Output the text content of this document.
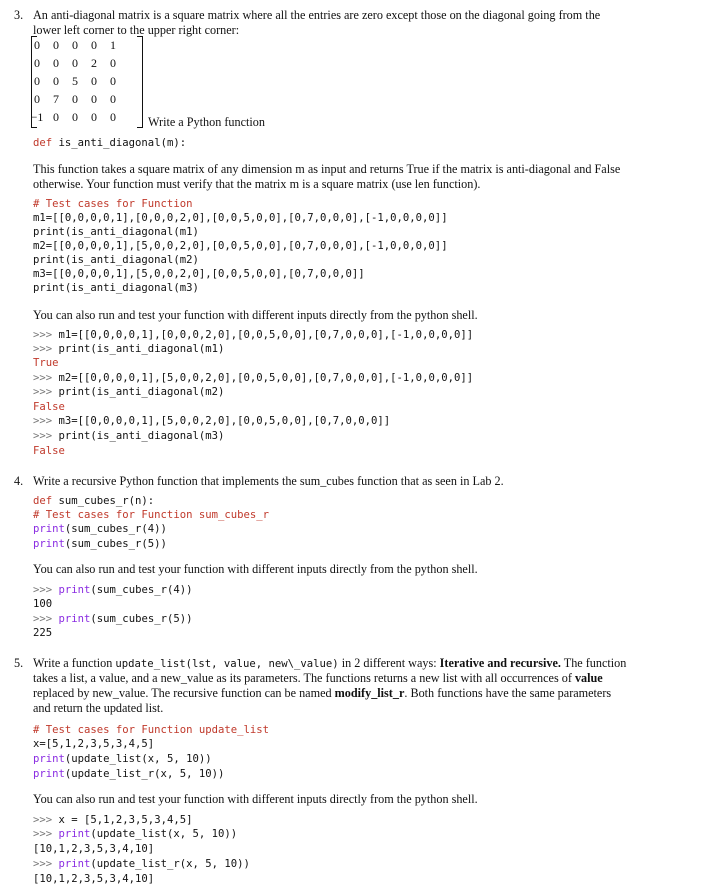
3. An anti-diagonal matrix is a square matrix where all the entries are zero except those on the diagonal going from the
lower left corner to the upper right corner:
0	0	0	0	1
0	0	0	2	0
0	0	5	0	0
0	7	0	0	0
−1 0	0	0	0	Write a Python function
def is_anti_diagonal(m):
This function takes a square matrix of any dimension m as input and returns True if the matrix is anti-diagonal and False
otherwise. Your function must verify that the matrix m is a square matrix (use len function).
# Test cases for Function
m1=[[0,0,0,0,1],[0,0,0,2,0],[0,0,5,0,0],[0,7,0,0,0],[-1,0,0,0,0]]
print(is_anti_diagonal(m1)
m2=[[0,0,0,0,1],[5,0,0,2,0],[0,0,5,0,0],[0,7,0,0,0],[-1,0,0,0,0]]
print(is_anti_diagonal(m2)
m3=[[0,0,0,0,1],[5,0,0,2,0],[0,0,5,0,0],[0,7,0,0,0]]
print(is_anti_diagonal(m3)
You can also run and test your function with different inputs directly from the python shell.
>>> m1=[[0,0,0,0,1],[0,0,0,2,0],[0,0,5,0,0],[0,7,0,0,0],[-1,0,0,0,0]]
>>> print(is_anti_diagonal(m1)
True
>>> m2=[[0,0,0,0,1],[5,0,0,2,0],[0,0,5,0,0],[0,7,0,0,0],[-1,0,0,0,0]]
>>> print(is_anti_diagonal(m2)
False
>>> m3=[[0,0,0,0,1],[5,0,0,2,0],[0,0,5,0,0],[0,7,0,0,0]]
>>> print(is_anti_diagonal(m3)
False
4. Write a recursive Python function that implements the sum_cubes function that as seen in Lab 2.
def sum_cubes_r(n):
# Test cases for Function sum_cubes_r
print(sum_cubes_r(4))
print(sum_cubes_r(5))
You can also run and test your function with different inputs directly from the python shell.
>>> print(sum_cubes_r(4))
100
>>> print(sum_cubes_r(5))
225
5. Write a function update_list(lst, value, new\_value) in 2 different ways: Iterative and recursive. The function
takes a list, a value, and a new_value as its parameters. The functions returns a new list with all occurrences of value
replaced by new_value. The recursive function can be named modify_list_r. Both functions have the same parameters
and return the updated list.
# Test cases for Function update_list
x=[5,1,2,3,5,3,4,5]
print(update_list(x, 5, 10))
print(update_list_r(x, 5, 10))
You can also run and test your function with different inputs directly from the python shell.
>>> x = [5,1,2,3,5,3,4,5]
>>> print(update_list(x, 5, 10))
[10,1,2,3,5,3,4,10]
>>> print(update_list_r(x, 5, 10))
[10,1,2,3,5,3,4,10]
